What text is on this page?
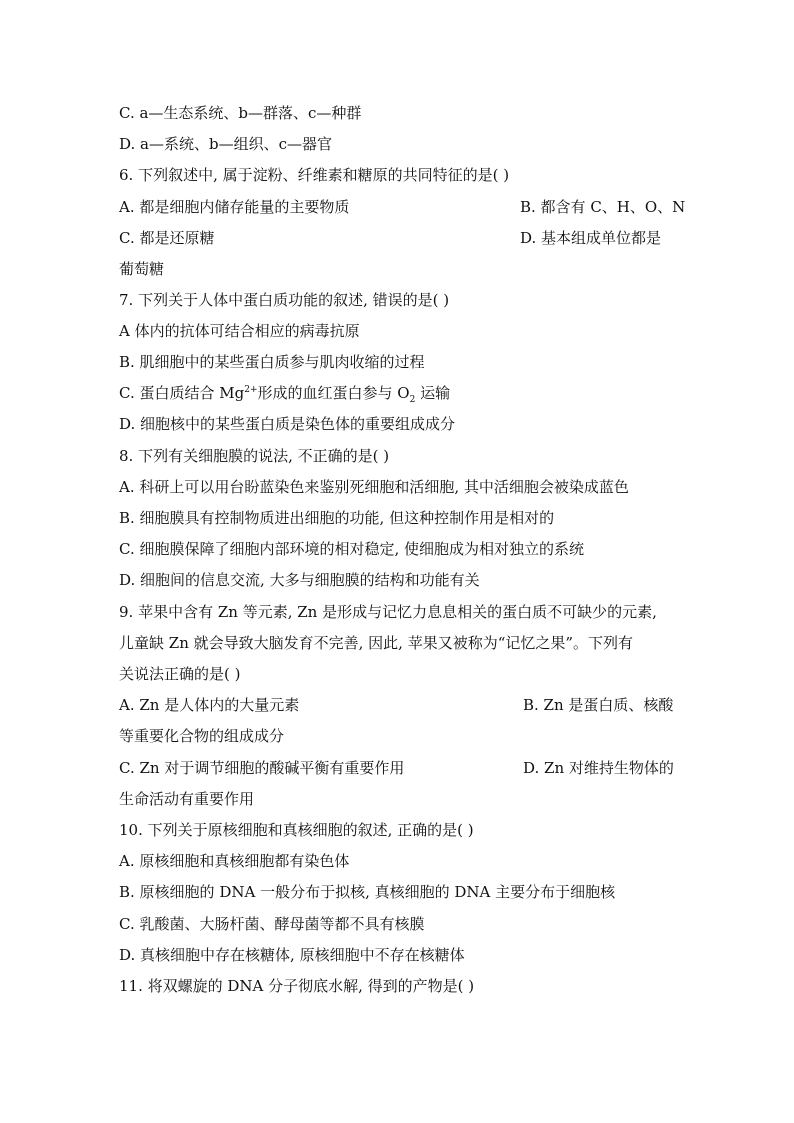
C. a—生态系统、b—群落、c—种群
D. a—系统、b—组织、c—器官
6. 下列叙述中, 属于淀粉、纤维素和糖原的共同特征的是( )
A. 都是细胞内储存能量的主要物质	B. 都含有 C、H、O、N
C. 都是还原糖	D. 基本组成单位都是
葡萄糖
7. 下列关于人体中蛋白质功能的叙述, 错误的是( )
A 体内的抗体可结合相应的病毒抗原
B. 肌细胞中的某些蛋白质参与肌肉收缩的过程
C. 蛋白质结合 $Mg^{2+}$形成的血红蛋白参与 $O_2$ 运输
D. 细胞核中的某些蛋白质是染色体的重要组成成分
8. 下列有关细胞膜的说法, 不正确的是( )
A. 科研上可以用台盼蓝染色来鉴别死细胞和活细胞, 其中活细胞会被染成蓝色
B. 细胞膜具有控制物质进出细胞的功能, 但这种控制作用是相对的
C. 细胞膜保障了细胞内部环境的相对稳定, 使细胞成为相对独立的系统
D. 细胞间的信息交流, 大多与细胞膜的结构和功能有关
9. 苹果中含有 Zn 等元素, Zn 是形成与记忆力息息相关的蛋白质不可缺少的元素,
儿童缺 Zn 就会导致大脑发育不完善, 因此, 苹果又被称为“记忆之果”。下列有
关说法正确的是( )
A. Zn 是人体内的大量元素	B. Zn 是蛋白质、核酸
等重要化合物的组成成分
C. Zn 对于调节细胞的酸碱平衡有重要作用	D. Zn 对维持生物体的
生命活动有重要作用
10. 下列关于原核细胞和真核细胞的叙述, 正确的是( )
A. 原核细胞和真核细胞都有染色体
B. 原核细胞的 DNA 一般分布于拟核, 真核细胞的 DNA 主要分布于细胞核
C. 乳酸菌、大肠杆菌、酵母菌等都不具有核膜
D. 真核细胞中存在核糖体, 原核细胞中不存在核糖体
11. 将双螺旋的 DNA 分子彻底水解, 得到的产物是( )
